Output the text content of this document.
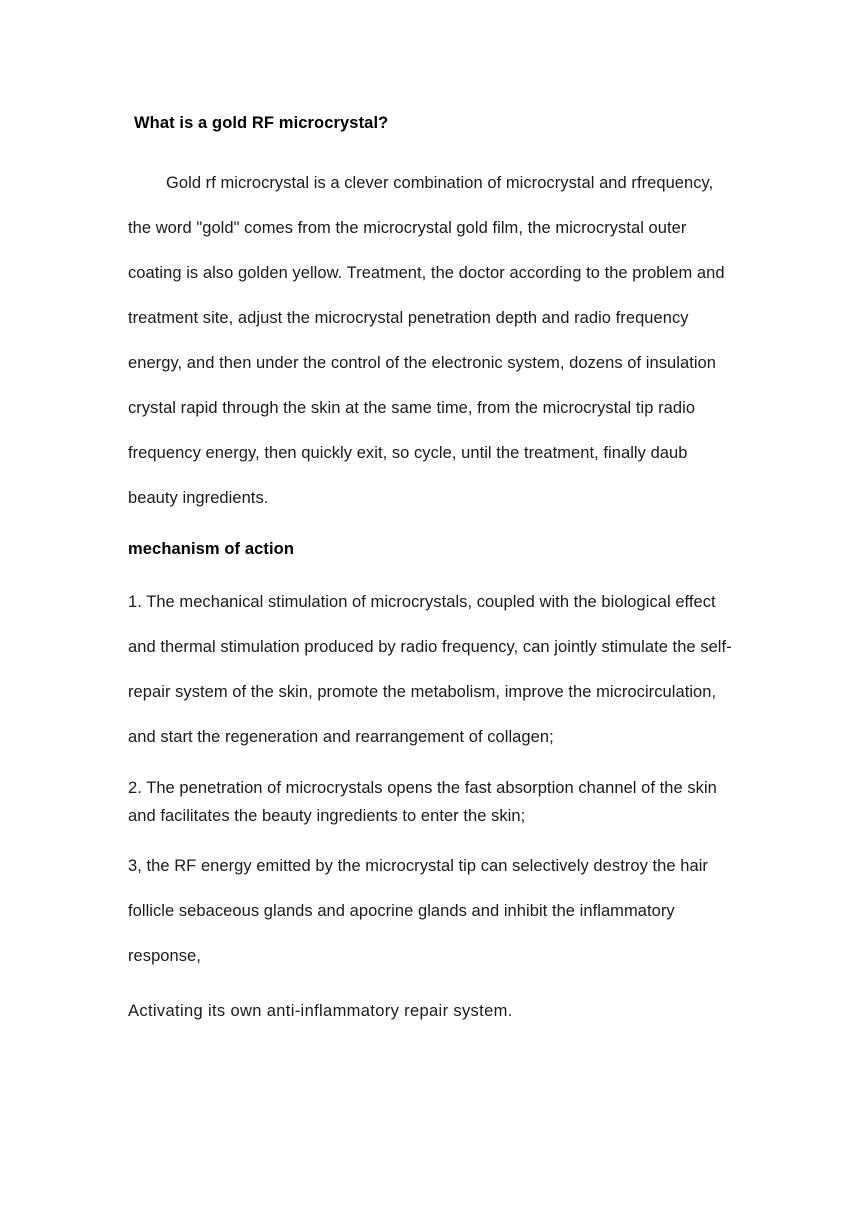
What is a gold RF microcrystal?

Gold rf microcrystal is a clever combination of microcrystal and rfrequency, the word "gold" comes from the microcrystal gold film, the microcrystal outer coating is also golden yellow. Treatment, the doctor according to the problem and treatment site, adjust the microcrystal penetration depth and radio frequency energy, and then under the control of the electronic system, dozens of insulation crystal rapid through the skin at the same time, from the microcrystal tip radio frequency energy, then quickly exit, so cycle, until the treatment, finally daub beauty ingredients.

mechanism of action

1. The mechanical stimulation of microcrystals, coupled with the biological effect and thermal stimulation produced by radio frequency, can jointly stimulate the self-repair system of the skin, promote the metabolism, improve the microcirculation, and start the regeneration and rearrangement of collagen;

2. The penetration of microcrystals opens the fast absorption channel of the skin and facilitates the beauty ingredients to enter the skin;

3, the RF energy emitted by the microcrystal tip can selectively destroy the hair follicle sebaceous glands and apocrine glands and inhibit the inflammatory response,

Activating its own anti-inflammatory repair system.
